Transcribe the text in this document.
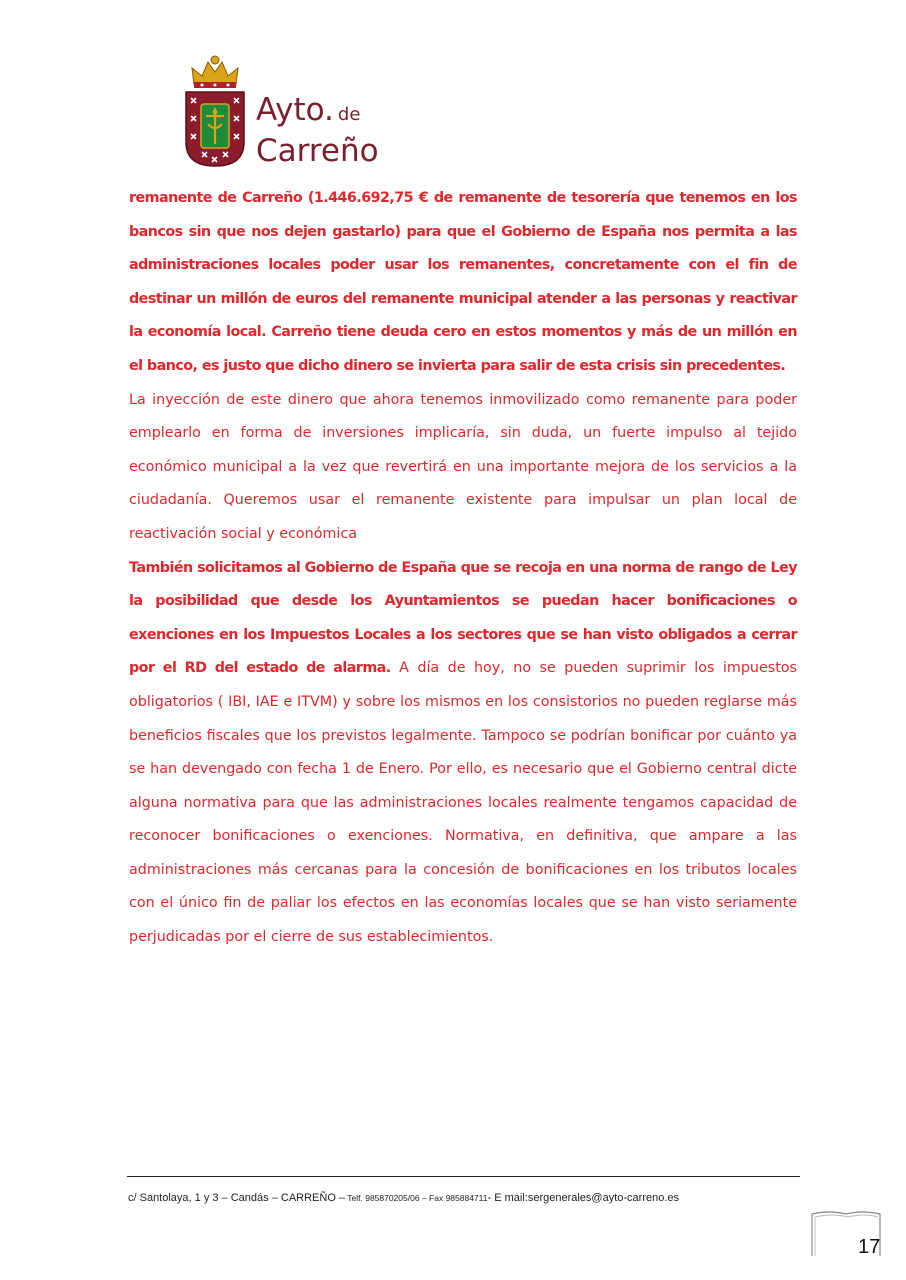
Ayto. de
Carreño

remanente de Carreño (1.446.692,75 € de remanente de tesorería que tenemos en los bancos sin que nos dejen gastarlo) para que el Gobierno de España nos permita a las administraciones locales poder usar los remanentes, concretamente con el fin de destinar un millón de euros del remanente municipal atender a las personas y reactivar la economía local. Carreño tiene deuda cero en estos momentos y más de un millón en el banco, es justo que dicho dinero se invierta para salir de esta crisis sin precedentes.

La inyección de este dinero que ahora tenemos inmovilizado como remanente para poder emplearlo en forma de inversiones implicaría, sin duda, un fuerte impulso al tejido económico municipal a la vez que revertirá en una importante mejora de los servicios a la ciudadanía. Queremos usar el remanente existente para impulsar un plan local de reactivación social y económica

También solicitamos al Gobierno de España que se recoja en una norma de rango de Ley la posibilidad que desde los Ayuntamientos se puedan hacer bonificaciones o exenciones en los Impuestos Locales a los sectores que se han visto obligados a cerrar por el RD del estado de alarma. A día de hoy, no se pueden suprimir los impuestos obligatorios ( IBI, IAE e ITVM) y sobre los mismos en los consistorios no pueden reglarse más beneficios fiscales que los previstos legalmente. Tampoco se podrían bonificar por cuánto ya se han devengado con fecha 1 de Enero. Por ello, es necesario que el Gobierno central dicte alguna normativa para que las administraciones locales realmente tengamos capacidad de reconocer bonificaciones o exenciones. Normativa, en definitiva, que ampare a las administraciones más cercanas para la concesión de bonificaciones en los tributos locales con el único fin de paliar los efectos en las economías locales que se han visto seriamente perjudicadas por el cierre de sus establecimientos.

c/ Santolaya, 1 y 3 – Candás – CARREÑO – Telf. 985870205/06 – Fax 985884711- E mail:sergenerales@ayto-carreno.es
17
